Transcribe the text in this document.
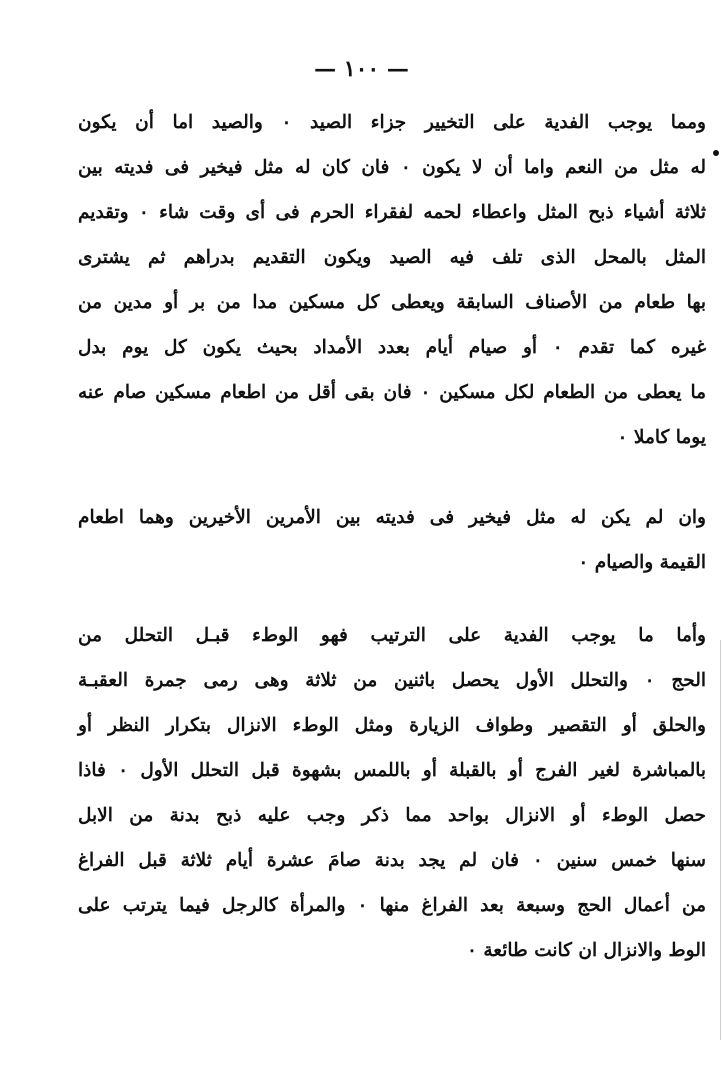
— ١٠٠ —
ومما يوجب الفدية على التخيير جزاء الصيد ٠ والصيد اما أن يكون
له مثل من النعم واما أن لا يكون ٠ فان كان له مثل فيخير فى فديته بين
ثلاثة أشياء ذبح المثل واعطاء لحمه لفقراء الحرم فى أى وقت شاء ٠ وتقديم
المثل بالمحل الذى تلف فيه الصيد ويكون التقديم بدراهم ثم يشترى
بها طعام من الأصناف السابقة ويعطى كل مسكين مدا من بر أو مدين من
غيره كما تقدم ٠ أو صيام أيام بعدد الأمداد بحيث يكون كل يوم بدل
ما يعطى من الطعام لكل مسكين ٠ فان بقى أقل من اطعام مسكين صام عنه
يوما كاملا ٠
وان لم يكن له مثل فيخير فى فديته بين الأمرين الأخيرين وهما اطعام
القيمة والصيام ٠
وأما ما يوجب الفدية على الترتيب فهو الوطء قبـل التحلل من
الحج ٠ والتحلل الأول يحصل باثنين من ثلاثة وهى رمى جمرة العقبـة
والحلق أو التقصير وطواف الزيارة ومثل الوطء الانزال بتكرار النظر أو
بالمباشرة لغير الفرج أو بالقبلة أو باللمس بشهوة قبل التحلل الأول ٠ فاذا
حصل الوطء أو الانزال بواحد مما ذكر وجب عليه ذبح بدنة من الابل
سنها خمس سنين ٠ فان لم يجد بدنة صامَ عشرة أيام ثلاثة قبل الفراغ
من أعمال الحج وسبعة بعد الفراغ منها ٠ والمرأة كالرجل فيما يترتب على
الوط والانزال ان كانت طائعة ٠
